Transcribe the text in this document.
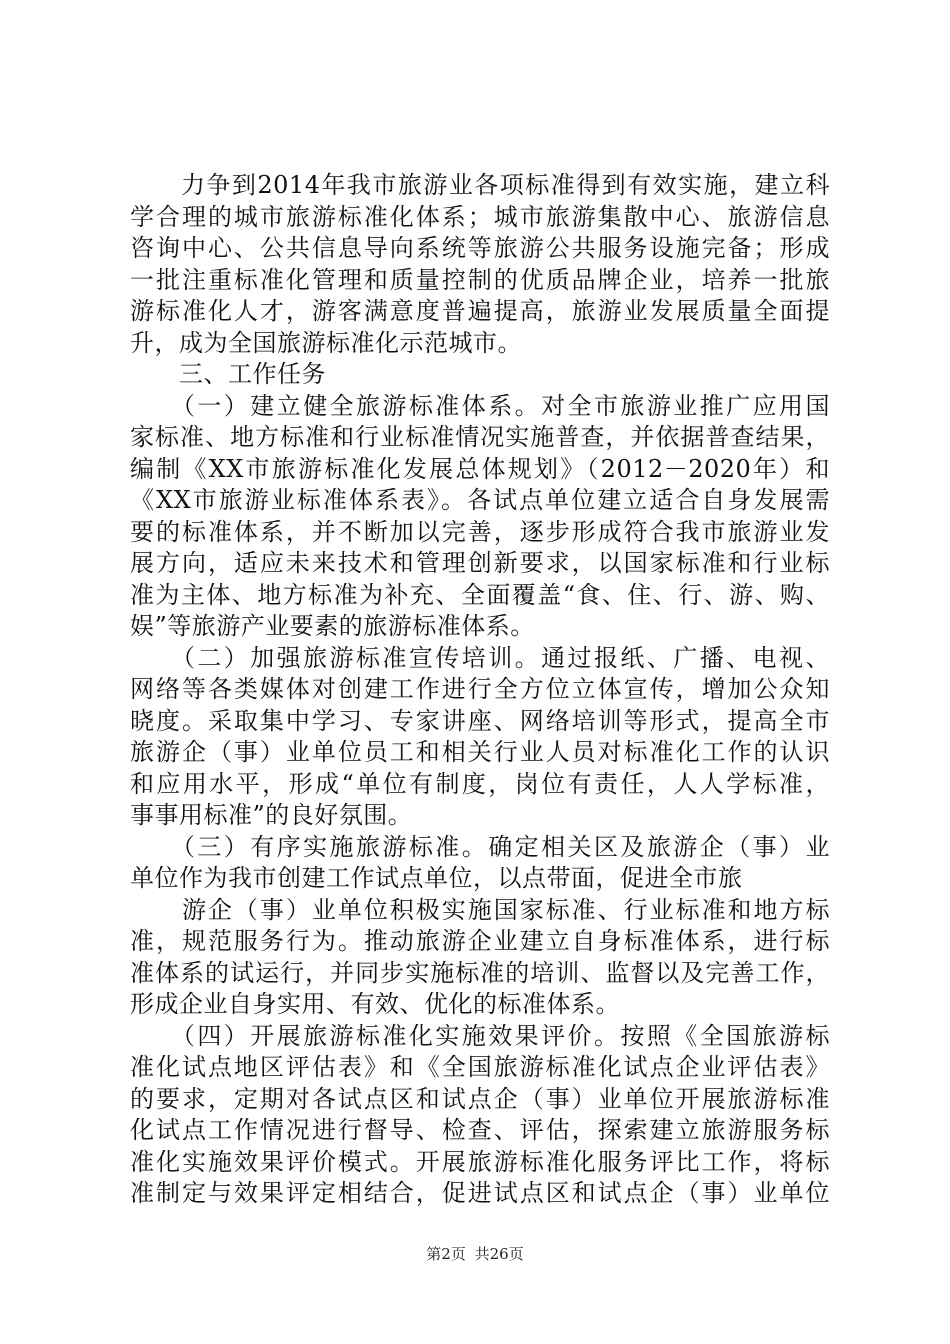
　　力争到2014年我市旅游业各项标准得到有效实施，建立科
学合理的城市旅游标准化体系；城市旅游集散中心、旅游信息
咨询中心、公共信息导向系统等旅游公共服务设施完备；形成
一批注重标准化管理和质量控制的优质品牌企业，培养一批旅
游标准化人才，游客满意度普遍提高，旅游业发展质量全面提
升，成为全国旅游标准化示范城市。
　　三、工作任务
　　（一）建立健全旅游标准体系。对全市旅游业推广应用国
家标准、地方标准和行业标准情况实施普查，并依据普查结果，
编制《XX市旅游标准化发展总体规划》（2012－2020年）和
《XX市旅游业标准体系表》。各试点单位建立适合自身发展需
要的标准体系，并不断加以完善，逐步形成符合我市旅游业发
展方向，适应未来技术和管理创新要求，以国家标准和行业标
准为主体、地方标准为补充、全面覆盖“食、住、行、游、购、
娱”等旅游产业要素的旅游标准体系。
　　（二）加强旅游标准宣传培训。通过报纸、广播、电视、
网络等各类媒体对创建工作进行全方位立体宣传，增加公众知
晓度。采取集中学习、专家讲座、网络培训等形式，提高全市
旅游企（事）业单位员工和相关行业人员对标准化工作的认识
和应用水平，形成“单位有制度，岗位有责任，人人学标准，
事事用标准”的良好氛围。
　　（三）有序实施旅游标准。确定相关区及旅游企（事）业
单位作为我市创建工作试点单位，以点带面，促进全市旅
　　游企（事）业单位积极实施国家标准、行业标准和地方标
准，规范服务行为。推动旅游企业建立自身标准体系，进行标
准体系的试运行，并同步实施标准的培训、监督以及完善工作，
形成企业自身实用、有效、优化的标准体系。
　　（四）开展旅游标准化实施效果评价。按照《全国旅游标
准化试点地区评估表》和《全国旅游标准化试点企业评估表》
的要求，定期对各试点区和试点企（事）业单位开展旅游标准
化试点工作情况进行督导、检查、评估，探索建立旅游服务标
准化实施效果评价模式。开展旅游标准化服务评比工作，将标
准制定与效果评定相结合，促进试点区和试点企（事）业单位
第2页 共26页
